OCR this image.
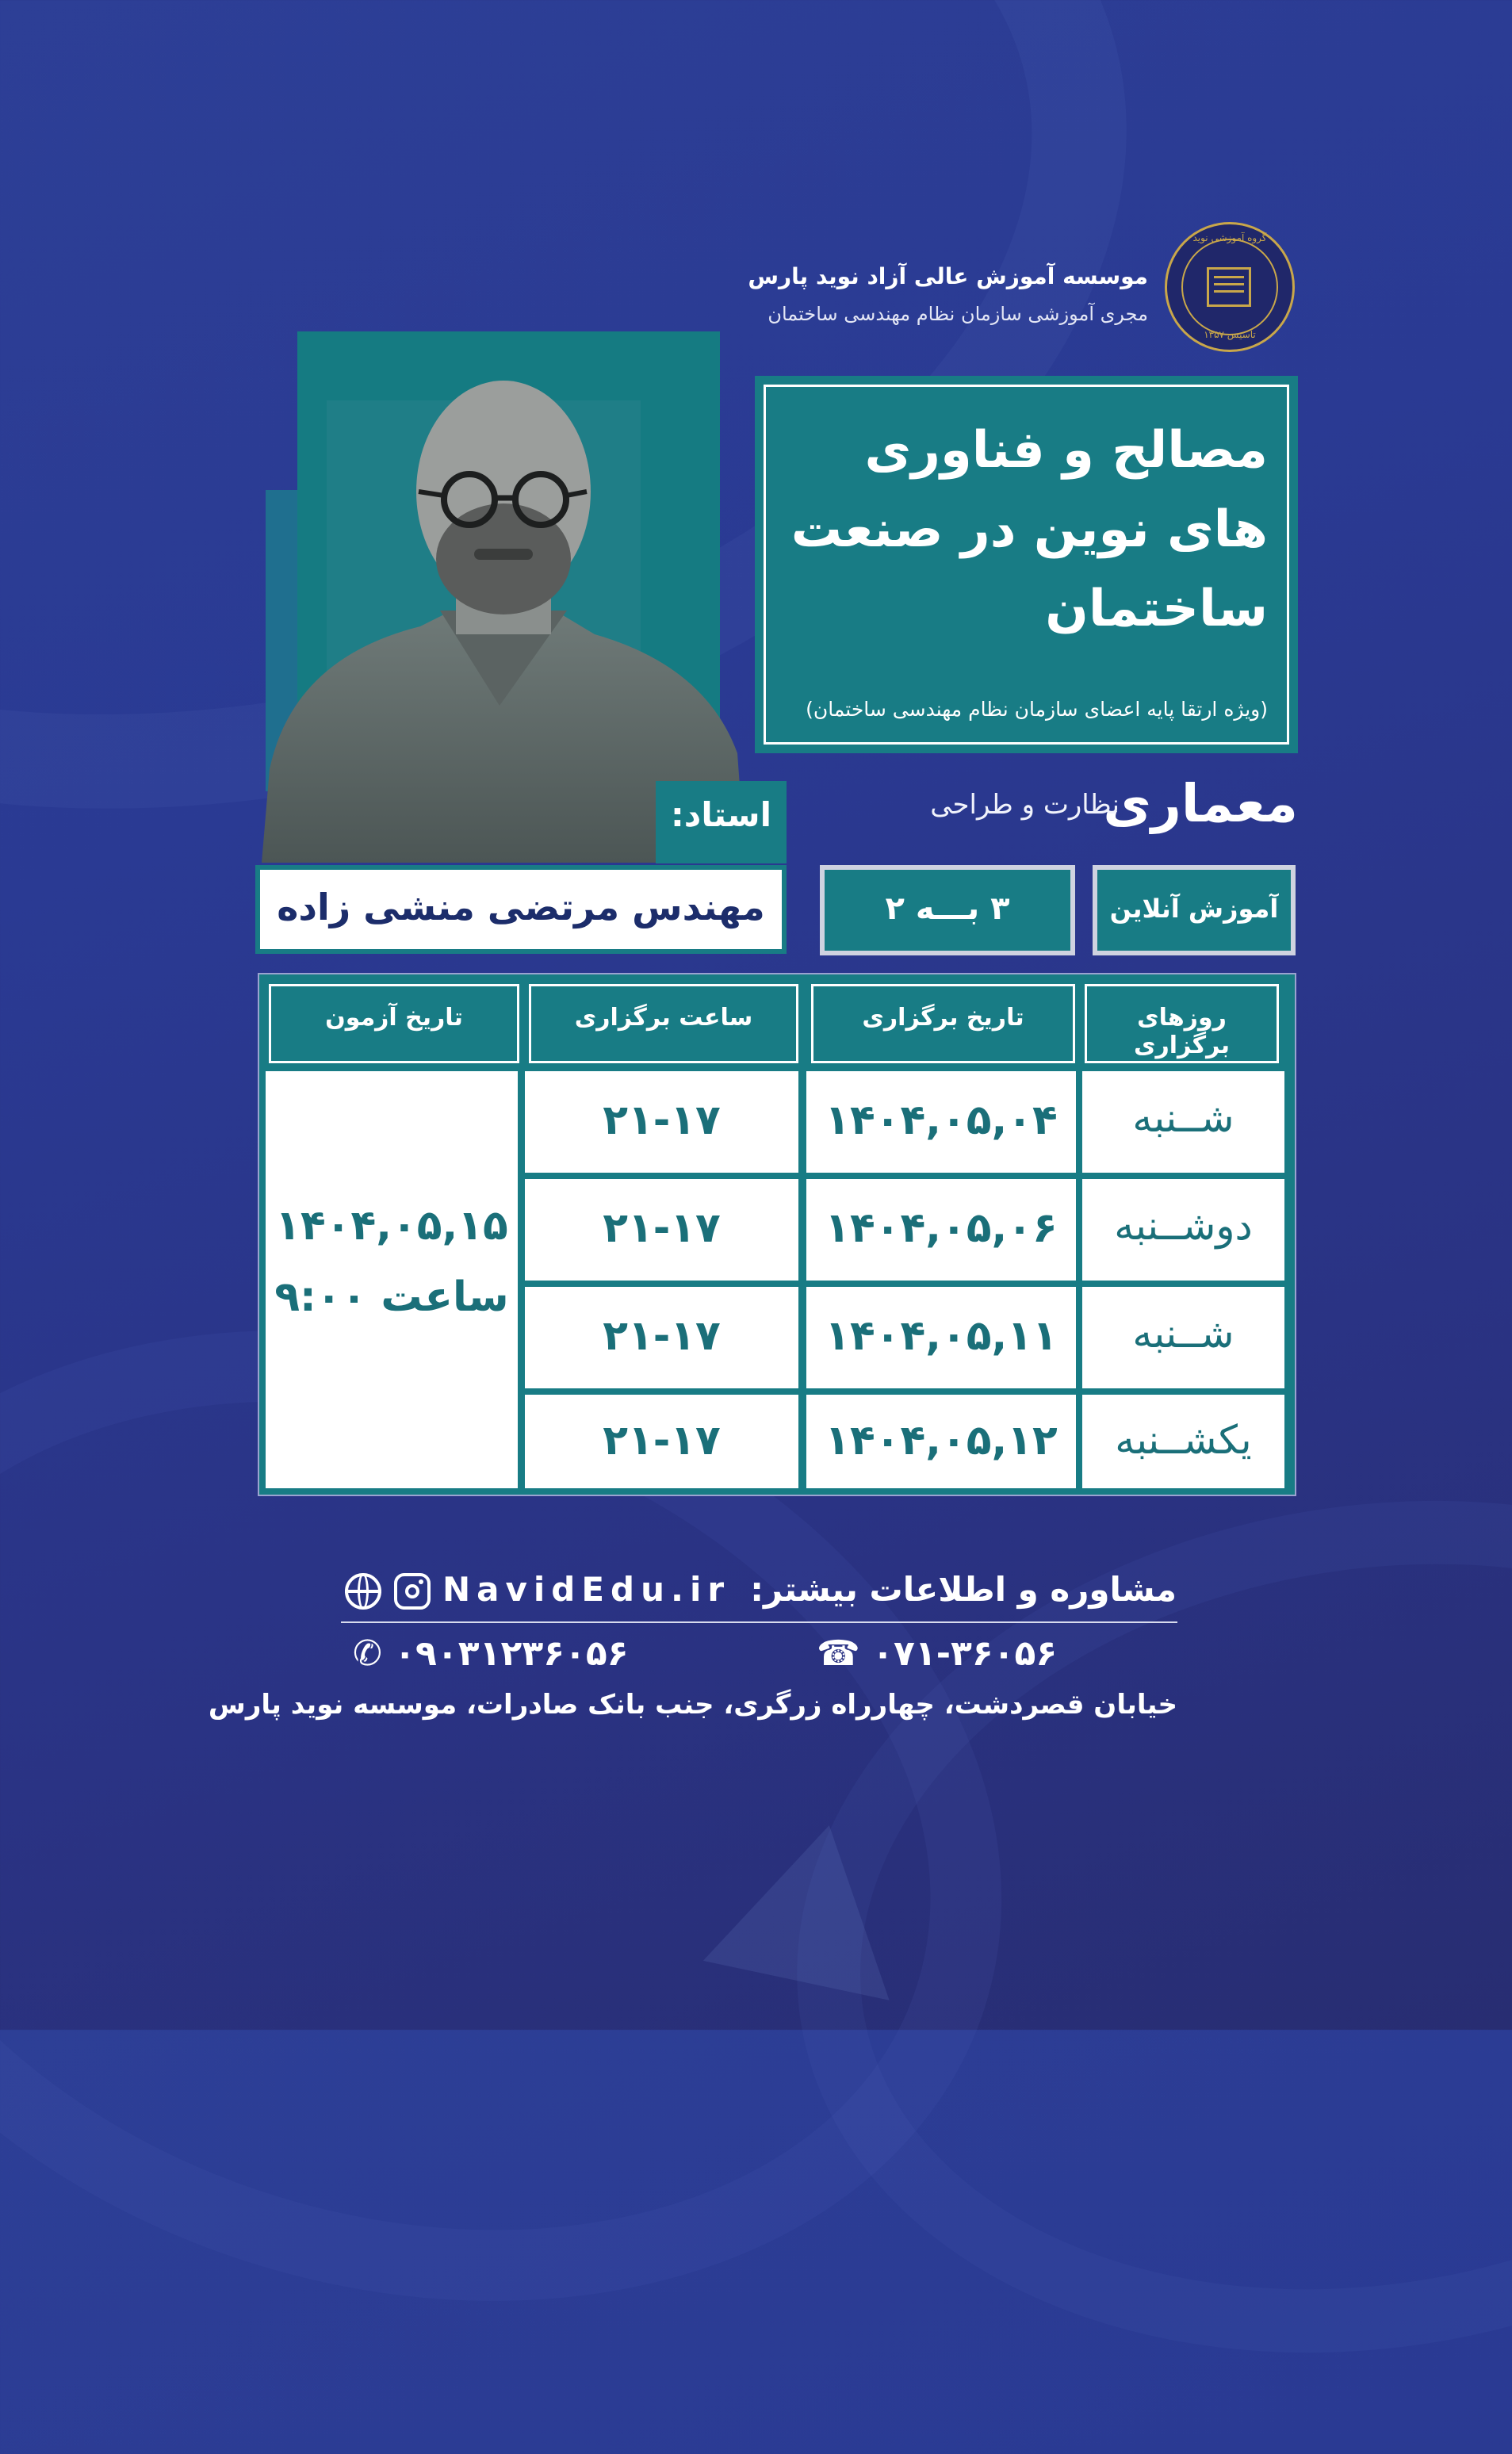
موسسه آموزش عالی آزاد نوید پارس
مجری آموزشی سازمان نظام مهندسی ساختمان
گروه آموزشی نوید
تاسیس ۱۳۵۷
مصالح و فناوری های نوین در صنعت ساختمان
(ویژه ارتقا پایه اعضای سازمان نظام مهندسی ساختمان)
معماری
نظارت و طراحی
استاد:
مهندس مرتضی منشی زاده	آموزش آنلاین
۳ بـــه ۲
روزهای برگزاری
تاریخ برگزاری
ساعت برگزاری
تاریخ آزمون
شــنبه
۱۴۰۴,۰۵,۰۴
۲۱-۱۷
دوشــنبه
۱۴۰۴,۰۵,۰۶
۲۱-۱۷
شــنبه
۱۴۰۴,۰۵,۱۱
۲۱-۱۷
یکشــنبه
۱۴۰۴,۰۵,۱۲
۲۱-۱۷
۱۴۰۴,۰۵,۱۵
ساعت ۹:۰۰
مشاوره و اطلاعات بیشتر:
NavidEdu.ir
☎ ۰۷۱-۳۶۰۵۶
✆ ۰۹۰۳۱۲۳۶۰۵۶
خیابان قصردشت، چهارراه زرگری، جنب بانک صادرات، موسسه نوید پارس
